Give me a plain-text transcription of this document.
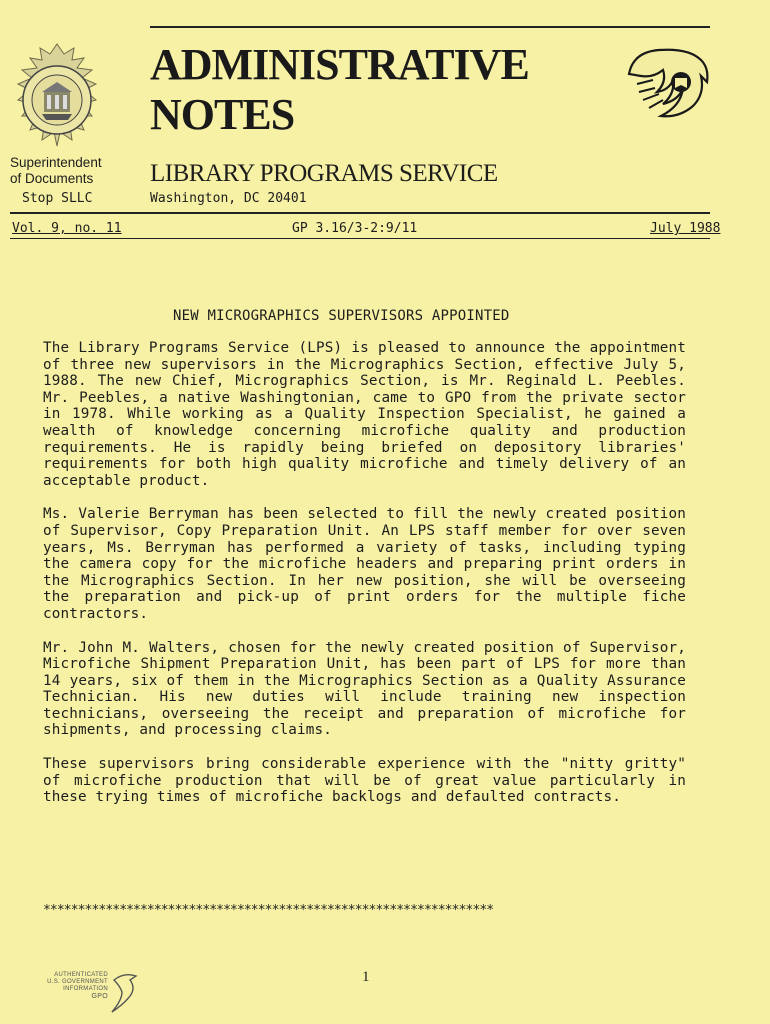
ADMINISTRATIVE
NOTES
Superintendent
of Documents
Stop SLLC
LIBRARY PROGRAMS SERVICE
Washington, DC 20401
Vol. 9, no. 11	GP 3.16/3-2:9/11	July 1988
NEW MICROGRAPHICS SUPERVISORS APPOINTED

The Library Programs Service (LPS) is pleased to announce the appointment of three new supervisors in the Micrographics Section, effective July 5, 1988. The new Chief, Micrographics Section, is Mr. Reginald L. Peebles. Mr. Peebles, a native Washingtonian, came to GPO from the private sector in 1978. While working as a Quality Inspection Specialist, he gained a wealth of knowledge concerning microfiche quality and production requirements. He is rapidly being briefed on depository libraries' requirements for both high quality microfiche and timely delivery of an acceptable product.

Ms. Valerie Berryman has been selected to fill the newly created position of Supervisor, Copy Preparation Unit. An LPS staff member for over seven years, Ms. Berryman has performed a variety of tasks, including typing the camera copy for the microfiche headers and preparing print orders in the Micrographics Section. In her new position, she will be overseeing the preparation and pick-up of print orders for the multiple fiche contractors.

Mr. John M. Walters, chosen for the newly created position of Supervisor, Microfiche Shipment Preparation Unit, has been part of LPS for more than 14 years, six of them in the Micrographics Section as a Quality Assurance Technician. His new duties will include training new inspection technicians, overseeing the receipt and preparation of microfiche for shipments, and processing claims.

These supervisors bring considerable experience with the "nitty gritty" of microfiche production that will be of great value particularly in these trying times of microfiche backlogs and defaulted contracts.

*****************************************************************
AUTHENTICATED
U.S. GOVERNMENT
INFORMATION
GPO
1
